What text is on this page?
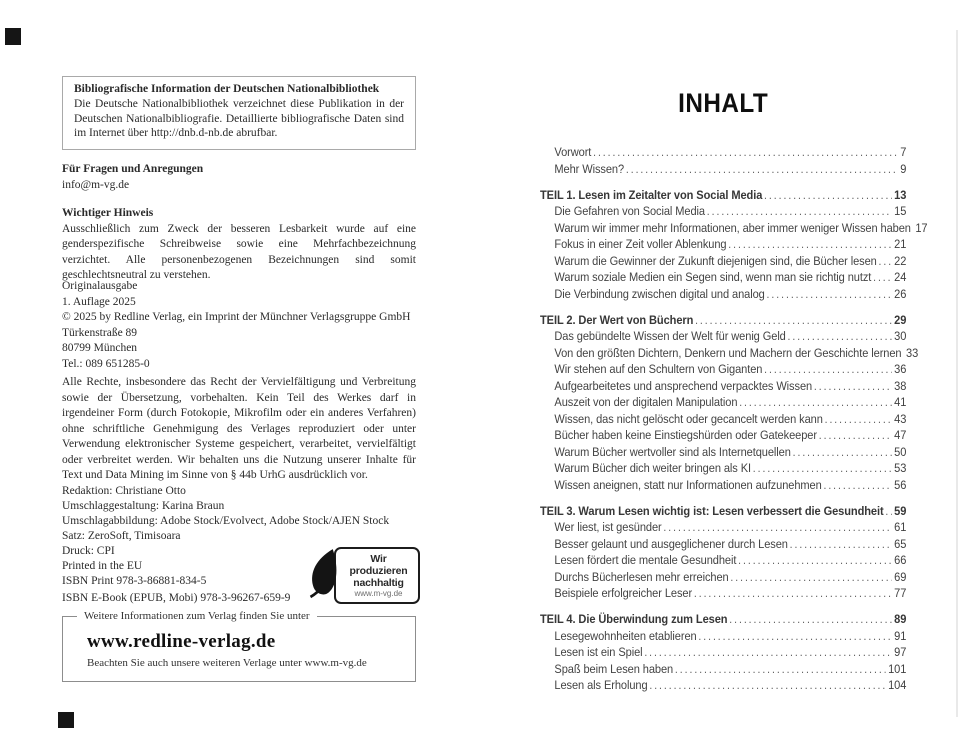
Bibliografische Information der Deutschen Nationalbibliothek
Die Deutsche Nationalbibliothek verzeichnet diese Publikation in der Deutschen Nationalbibliografie. Detaillierte bibliografische Daten sind im Internet über http://dnb.d-nb.de abrufbar.
Für Fragen und Anregungen
info@m-vg.de
Wichtiger Hinweis
Ausschließlich zum Zweck der besseren Lesbarkeit wurde auf eine genderspezifische Schreibweise sowie eine Mehrfachbezeichnung verzichtet. Alle personenbezogenen Bezeichnungen sind somit geschlechtsneutral zu verstehen.
Originalausgabe
1. Auflage 2025
© 2025 by Redline Verlag, ein Imprint der Münchner Verlagsgruppe GmbH
Türkenstraße 89
80799 München
Tel.: 089 651285-0
Alle Rechte, insbesondere das Recht der Vervielfältigung und Verbreitung sowie der Übersetzung, vorbehalten. Kein Teil des Werkes darf in irgendeiner Form (durch Fotokopie, Mikrofilm oder ein anderes Verfahren) ohne schriftliche Genehmigung des Verlages reproduziert oder unter Verwendung elektronischer Systeme gespeichert, verarbeitet, vervielfältigt oder verbreitet werden. Wir behalten uns die Nutzung unserer Inhalte für Text und Data Mining im Sinne von § 44b UrhG ausdrücklich vor.
Redaktion: Christiane Otto
Umschlaggestaltung: Karina Braun
Umschlagabbildung: Adobe Stock/Evolvect, Adobe Stock/AJEN Stock
Satz: ZeroSoft, Timisoara
Druck: CPI
Printed in the EU
ISBN Print 978-3-86881-834-5
ISBN E-Book (EPUB, Mobi) 978-3-96267-659-9
Wir produzieren
nachhaltig
www.m-vg.de
Weitere Informationen zum Verlag finden Sie unter
www.redline-verlag.de
Beachten Sie auch unsere weiteren Verlage unter www.m-vg.de
INHALT
Vorwort .....	7
Mehr Wissen? .....	9
TEIL 1. Lesen im Zeitalter von Social Media .....	13
Die Gefahren von Social Media .....	15
Warum wir immer mehr Informationen, aber immer weniger Wissen haben 17
Fokus in einer Zeit voller Ablenkung .....	21
Warum die Gewinner der Zukunft diejenigen sind, die Bücher lesen ..... 22
Warum soziale Medien ein Segen sind, wenn man sie richtig nutzt ..... 24
Die Verbindung zwischen digital und analog .....	26
TEIL 2. Der Wert von Büchern .....	29
Das gebündelte Wissen der Welt für wenig Geld .....	30
Von den größten Dichtern, Denkern und Machern der Geschichte lernen 33
Wir stehen auf den Schultern von Giganten .....	36
Aufgearbeitetes und ansprechend verpacktes Wissen .....	38
Auszeit von der digitalen Manipulation .....	41
Wissen, das nicht gelöscht oder gecancelt werden kann .....	43
Bücher haben keine Einstiegshürden oder Gatekeeper .....	47
Warum Bücher wertvoller sind als Internetquellen .....	50
Warum Bücher dich weiter bringen als KI .....	53
Wissen aneignen, statt nur Informationen aufzunehmen .....	56
TEIL 3. Warum Lesen wichtig ist: Lesen verbessert die Gesundheit ..... 59
Wer liest, ist gesünder .....	61
Besser gelaunt und ausgeglichener durch Lesen .....	65
Lesen fördert die mentale Gesundheit .....	66
Durchs Bücherlesen mehr erreichen .....	69
Beispiele erfolgreicher Leser .....	77
TEIL 4. Die Überwindung zum Lesen .....	89
Lesegewohnheiten etablieren .....	91
Lesen ist ein Spiel .....	97
Spaß beim Lesen haben .....	101
Lesen als Erholung .....	104
